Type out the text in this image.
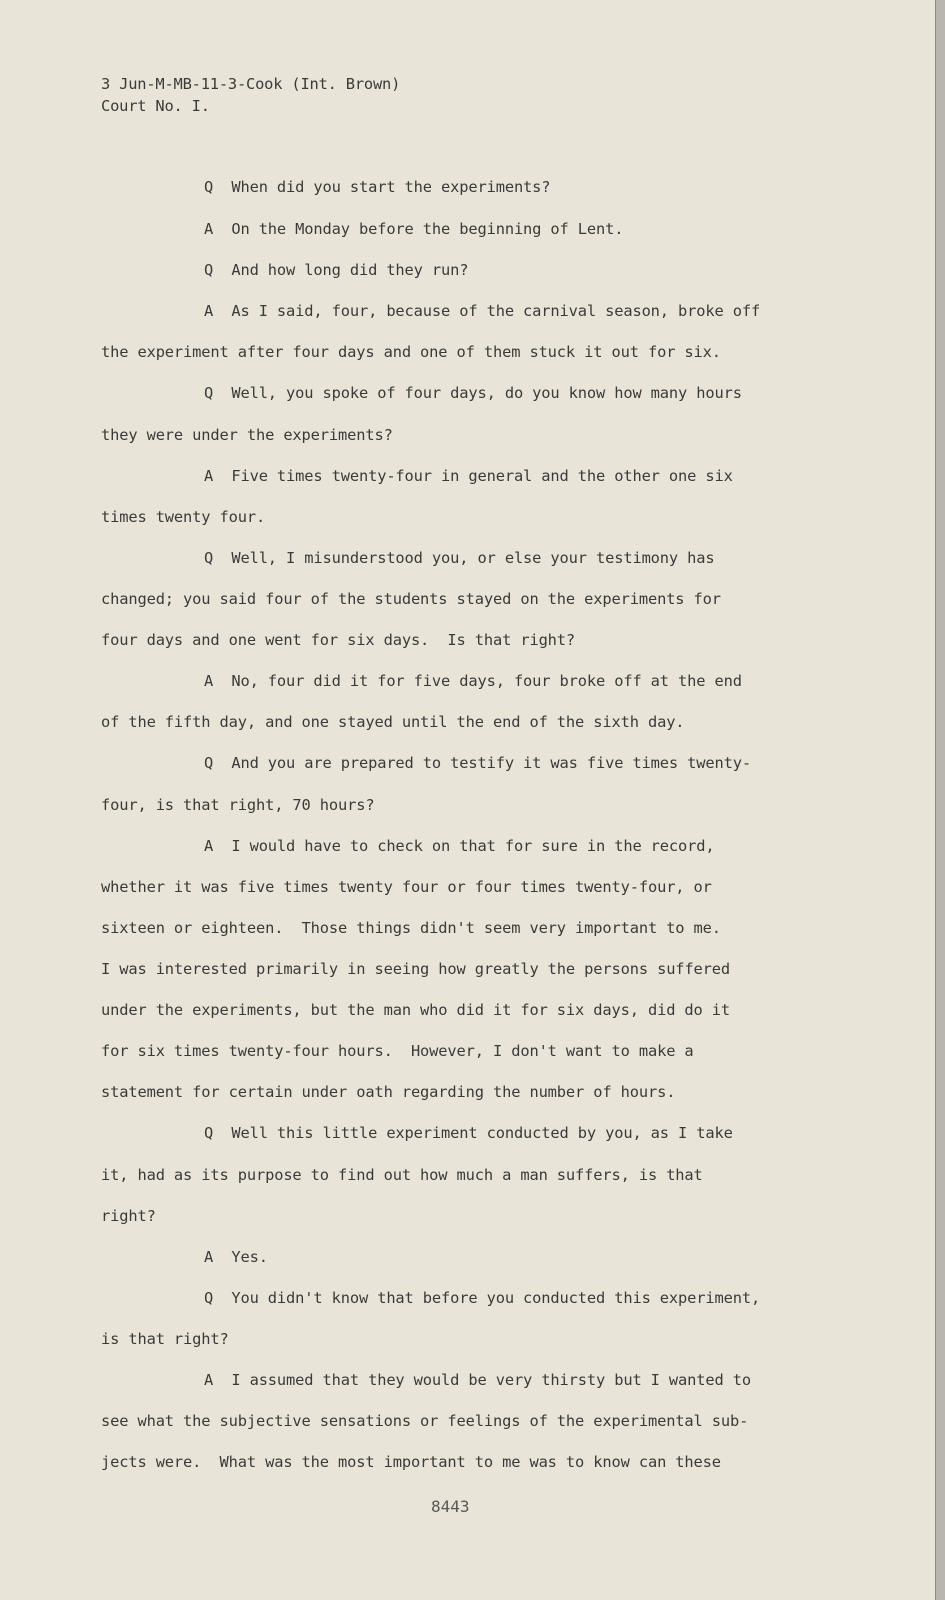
3 Jun-M-MB-11-3-Cook (Int. Brown)
Court No. I.
Q  When did you start the experiments?
A  On the Monday before the beginning of Lent.
Q  And how long did they run?
A  As I said, four, because of the carnival season, broke off
the experiment after four days and one of them stuck it out for six.
Q  Well, you spoke of four days, do you know how many hours
they were under the experiments?
A  Five times twenty-four in general and the other one six
times twenty four.
Q  Well, I misunderstood you, or else your testimony has
changed; you said four of the students stayed on the experiments for
four days and one went for six days.  Is that right?
A  No, four did it for five days, four broke off at the end
of the fifth day, and one stayed until the end of the sixth day.
Q  And you are prepared to testify it was five times twenty-
four, is that right, 70 hours?
A  I would have to check on that for sure in the record,
whether it was five times twenty four or four times twenty-four, or
sixteen or eighteen.  Those things didn't seem very important to me.
I was interested primarily in seeing how greatly the persons suffered
under the experiments, but the man who did it for six days, did do it
for six times twenty-four hours.  However, I don't want to make a
statement for certain under oath regarding the number of hours.
Q  Well this little experiment conducted by you, as I take
it, had as its purpose to find out how much a man suffers, is that
right?
A  Yes.
Q  You didn't know that before you conducted this experiment,
is that right?
A  I assumed that they would be very thirsty but I wanted to
see what the subjective sensations or feelings of the experimental sub-
jects were.  What was the most important to me was to know can these
8443
